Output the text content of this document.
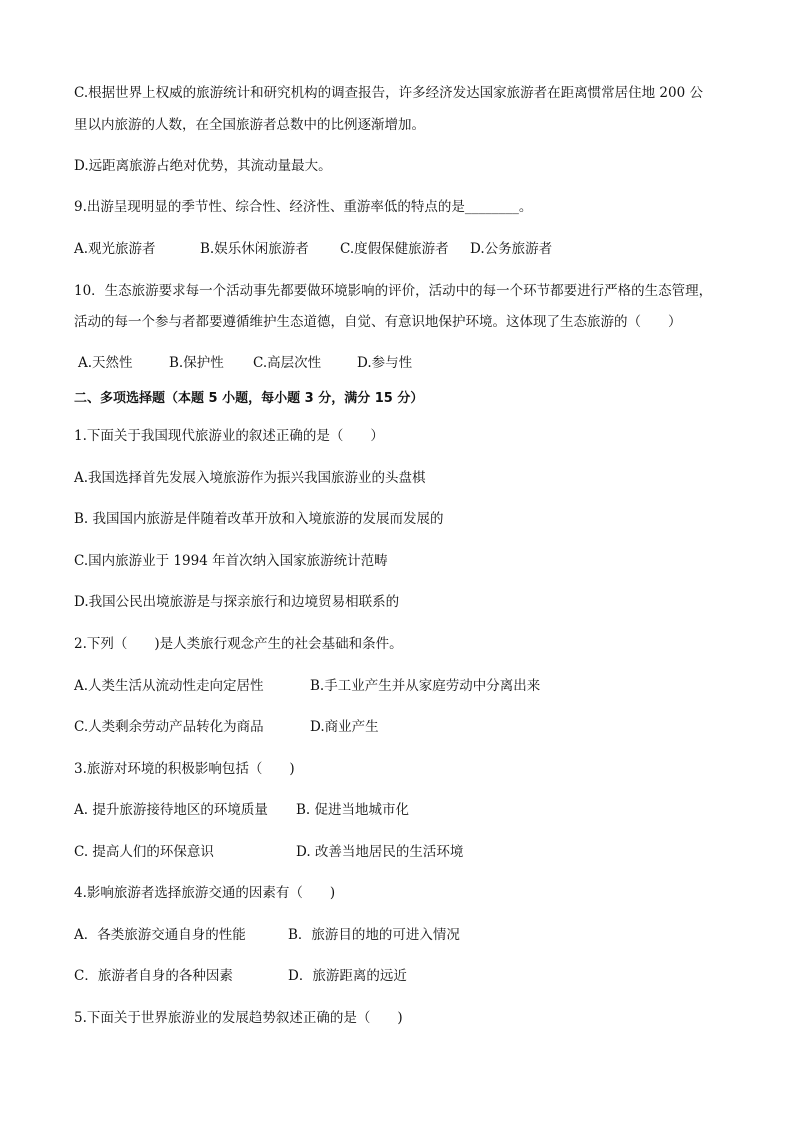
C.根据世界上权威的旅游统计和研究机构的调查报告，许多经济发达国家旅游者在距离惯常居住地 200 公
里以内旅游的人数，在全国旅游者总数中的比例逐渐增加。
D.远距离旅游占绝对优势，其流动量最大。
9.出游呈现明显的季节性、综合性、经济性、重游率低的特点的是________。
A.观光旅游者	B.娱乐休闲旅游者 C.度假保健旅游者 D.公务旅游者
10．生态旅游要求每一个活动事先都要做环境影响的评价，活动中的每一个环节都要进行严格的生态管理，
活动的每一个参与者都要遵循维护生态道德，自觉、有意识地保护环境。这体现了生态旅游的（　　）
A.天然性	B.保护性 C.高层次性	D.参与性
二、多项选择题（本题 5 小题，每小题 3 分，满分 15 分）
1.下面关于我国现代旅游业的叙述正确的是（　　）
A.我国选择首先发展入境旅游作为振兴我国旅游业的头盘棋
B. 我国国内旅游是伴随着改革开放和入境旅游的发展而发展的
C.国内旅游业于 1994 年首次纳入国家旅游统计范畴
D.我国公民出境旅游是与探亲旅行和边境贸易相联系的
2.下列（　　)是人类旅行观念产生的社会基础和条件。
A.人类生活从流动性走向定居性	B.手工业产生并从家庭劳动中分离出来
C.人类剩余劳动产品转化为商品	D.商业产生
3.旅游对环境的积极影响包括（　　)
A. 提升旅游接待地区的环境质量 B. 促进当地城市化
C. 提高人们的环保意识	D. 改善当地居民的生活环境
4.影响旅游者选择旅游交通的因素有（　　)
A．各类旅游交通自身的性能	B．旅游目的地的可进入情况
C．旅游者自身的各种因素	D．旅游距离的远近
5.下面关于世界旅游业的发展趋势叙述正确的是（　　)
